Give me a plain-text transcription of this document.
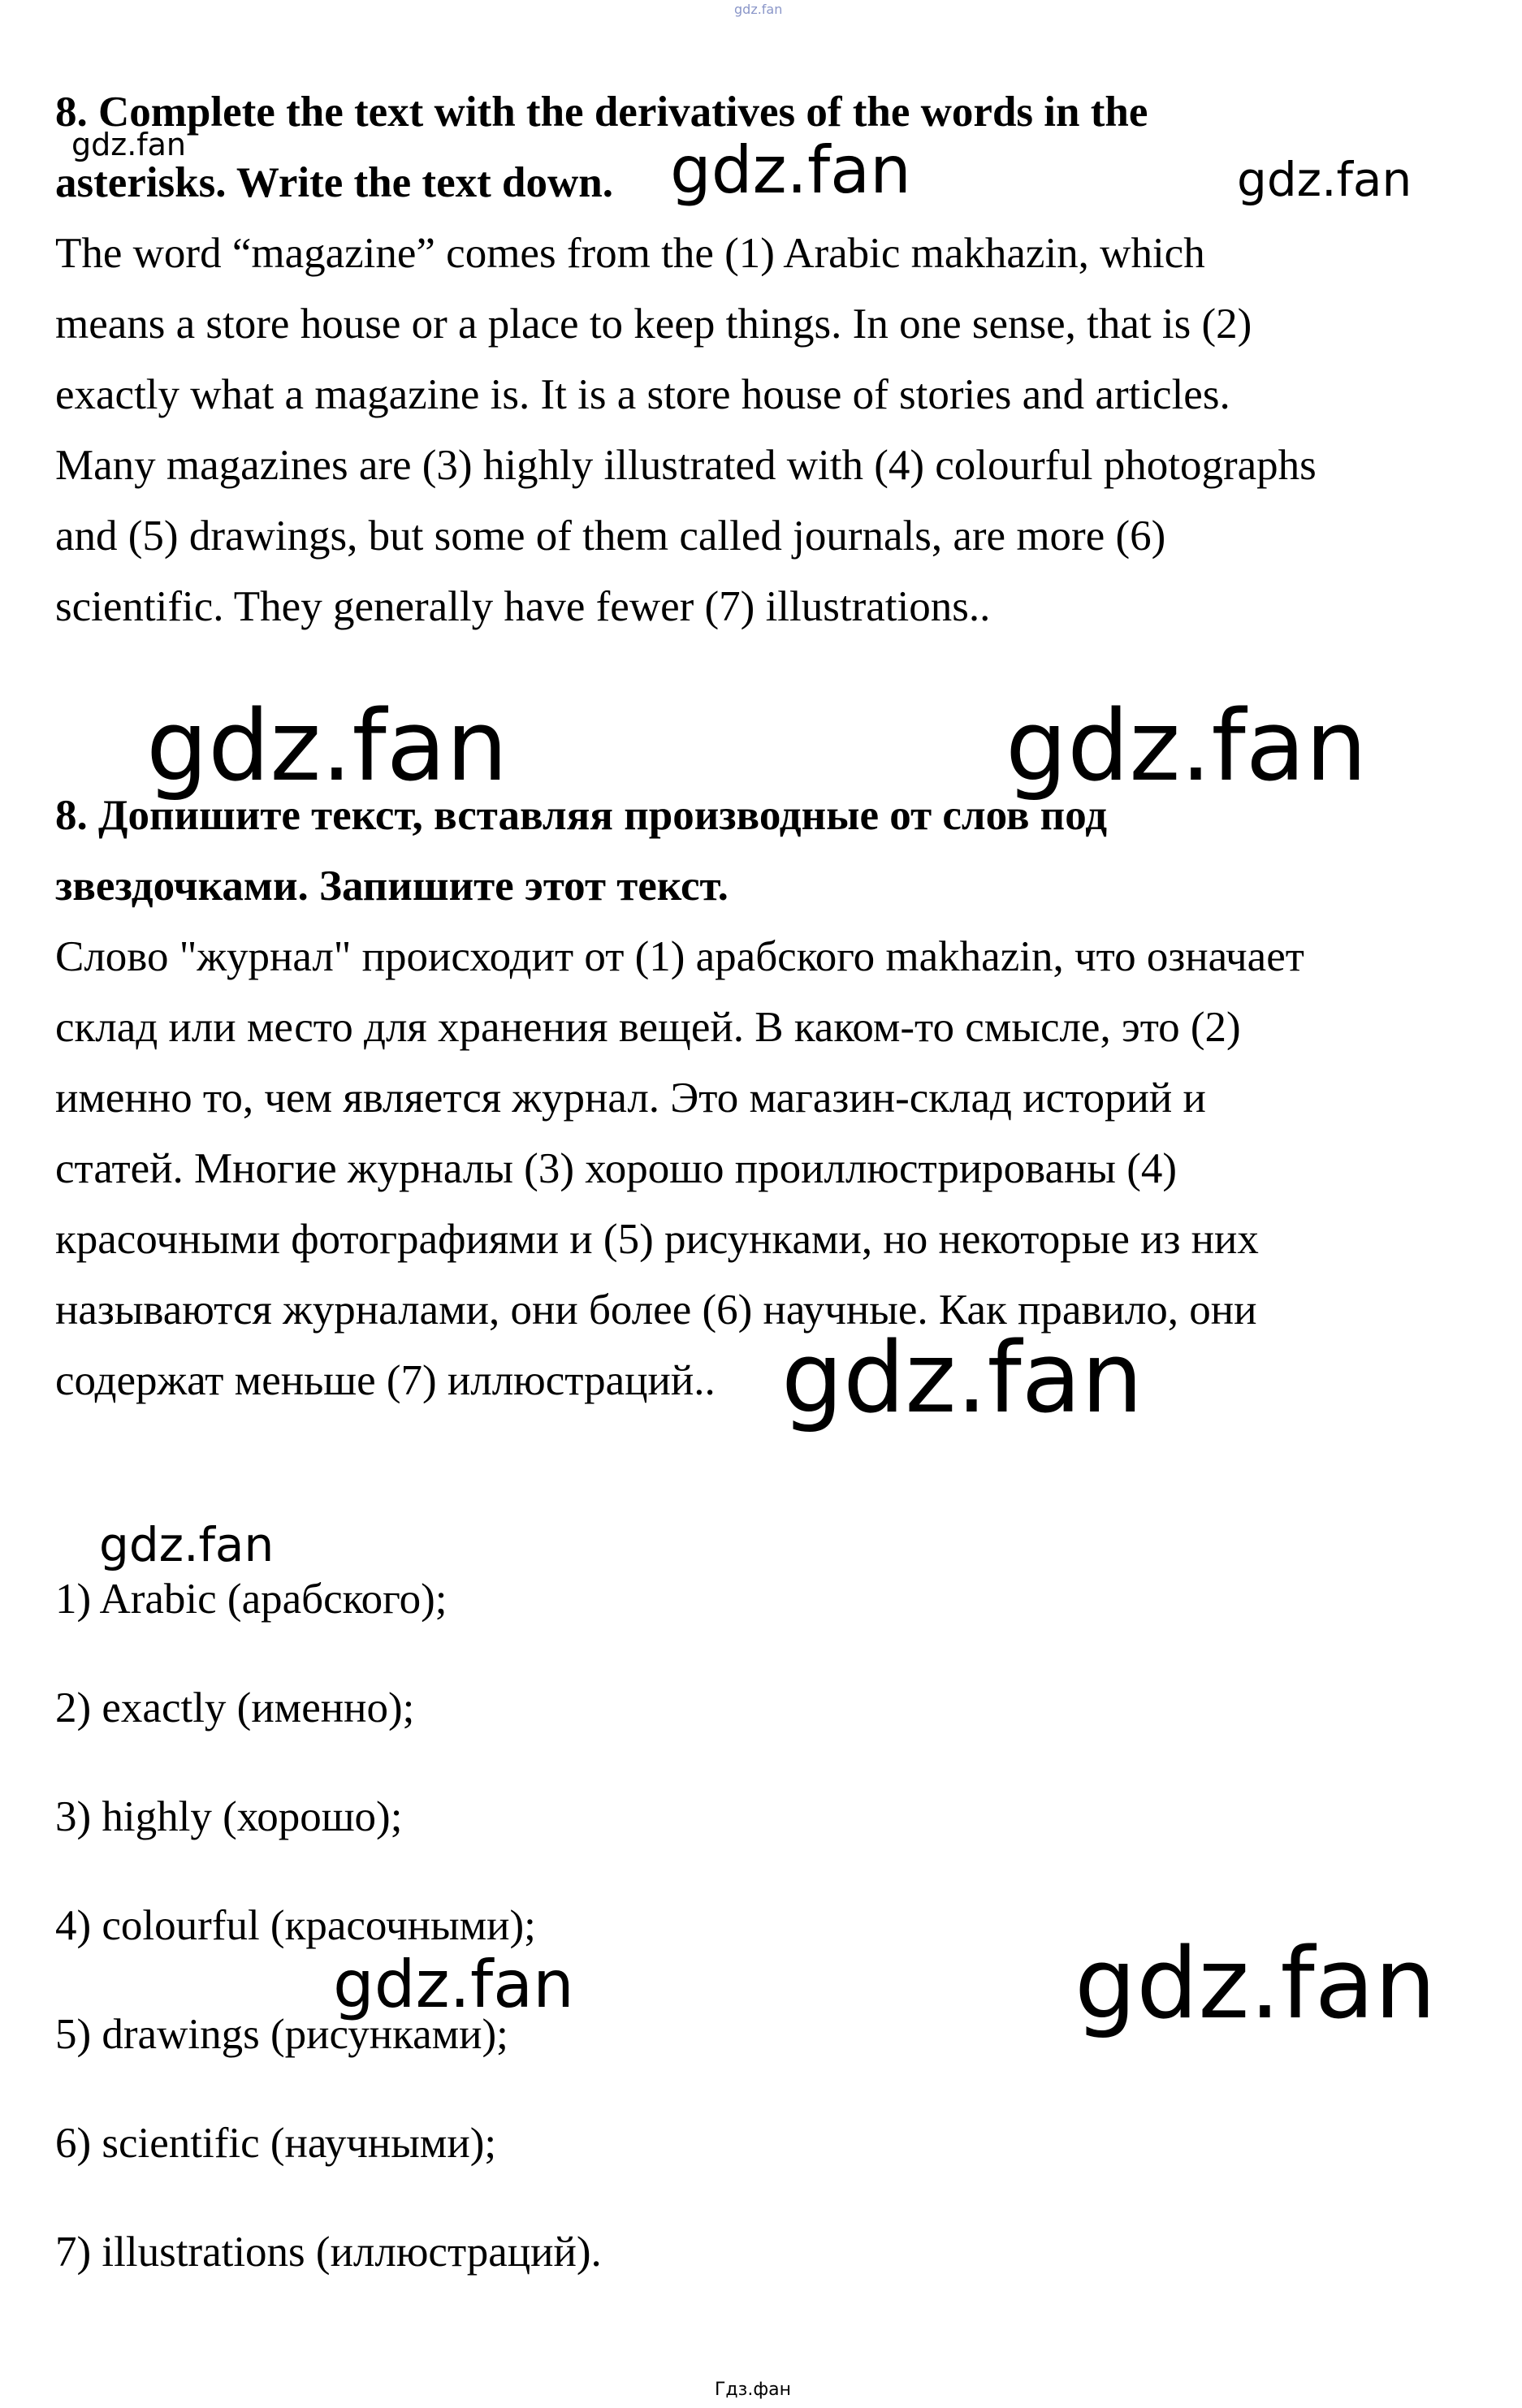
gdz.fan
8. Complete the text with the derivatives of the words in the
asterisks. Write the text down.

The word “magazine” comes from the (1) Arabic makhazin, which

means a store house or a place to keep things. In one sense, that is (2)

exactly what a magazine is. It is a store house of stories and articles.

Many magazines are (3) highly illustrated with (4) colourful photographs

and (5) drawings, but some of them called journals, are more (6)

scientific. They generally have fewer (7) illustrations..

8. Допишите текст, вставляя производные от слов под
звездочками. Запишите этот текст.

Слово "журнал" происходит от (1) арабского makhazin, что означает

склад или место для хранения вещей. В каком-то смысле, это (2)

именно то, чем является журнал. Это магазин-склад историй и

статей. Многие журналы (3) хорошо проиллюстрированы (4)

красочными фотографиями и (5) рисунками, но некоторые из них

называются журналами, они более (6) научные. Как правило, они

содержат меньше (7) иллюстраций..

1) Arabic (арабского);
2) exactly (именно);
3) highly (хорошо);
4) colourful (красочными);
5) drawings (рисунками);
6) scientific (научными);
7) illustrations (иллюстраций).
gdz.fan	gdz.fan	gdz.fan
gdz.fan	gdz.fan
gdz.fan
gdz.fan
gdz.fan	gdz.fan
Гдз.фан
